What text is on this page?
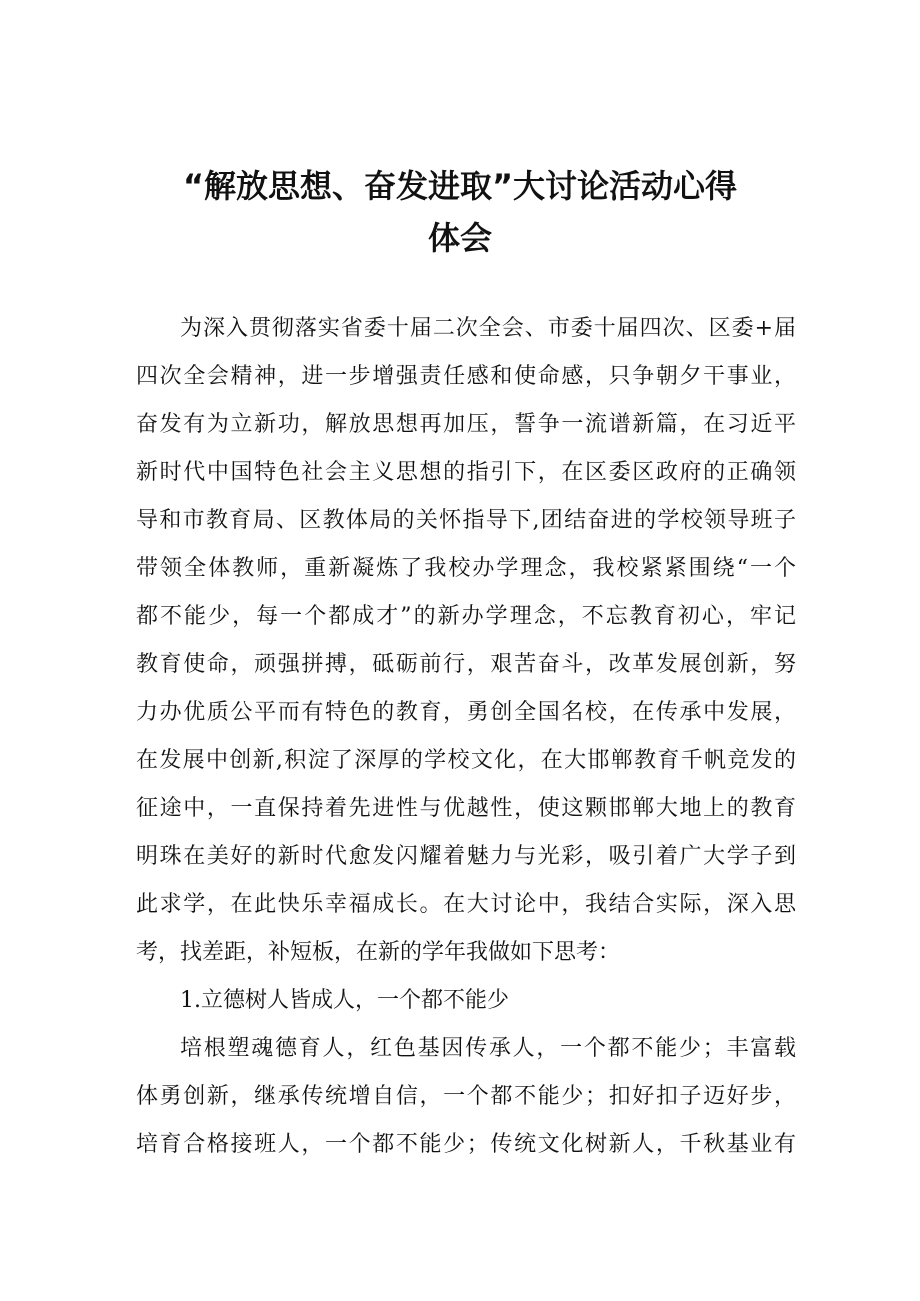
“解放思想、奋发进取”大讨论活动心得
体会
为深入贯彻落实省委十届二次全会、市委十届四次、区委+届
四次全会精神，进一步增强责任感和使命感，只争朝夕干事业，
奋发有为立新功，解放思想再加压，誓争一流谱新篇，在习近平
新时代中国特色社会主义思想的指引下，在区委区政府的正确领
导和市教育局、区教体局的关怀指导下,团结奋进的学校领导班子
带领全体教师，重新凝炼了我校办学理念，我校紧紧围绕“一个
都不能少，每一个都成才”的新办学理念，不忘教育初心，牢记
教育使命，顽强拼搏，砥砺前行，艰苦奋斗，改革发展创新，努
力办优质公平而有特色的教育，勇创全国名校，在传承中发展，
在发展中创新,积淀了深厚的学校文化，在大邯郸教育千帆竞发的
征途中，一直保持着先进性与优越性，使这颗邯郸大地上的教育
明珠在美好的新时代愈发闪耀着魅力与光彩，吸引着广大学子到
此求学，在此快乐幸福成长。在大讨论中，我结合实际，深入思
考，找差距，补短板，在新的学年我做如下思考：
1.立德树人皆成人，一个都不能少
培根塑魂德育人，红色基因传承人，一个都不能少；丰富载
体勇创新，继承传统增自信，一个都不能少；扣好扣子迈好步，
培育合格接班人，一个都不能少；传统文化树新人，千秋基业有
